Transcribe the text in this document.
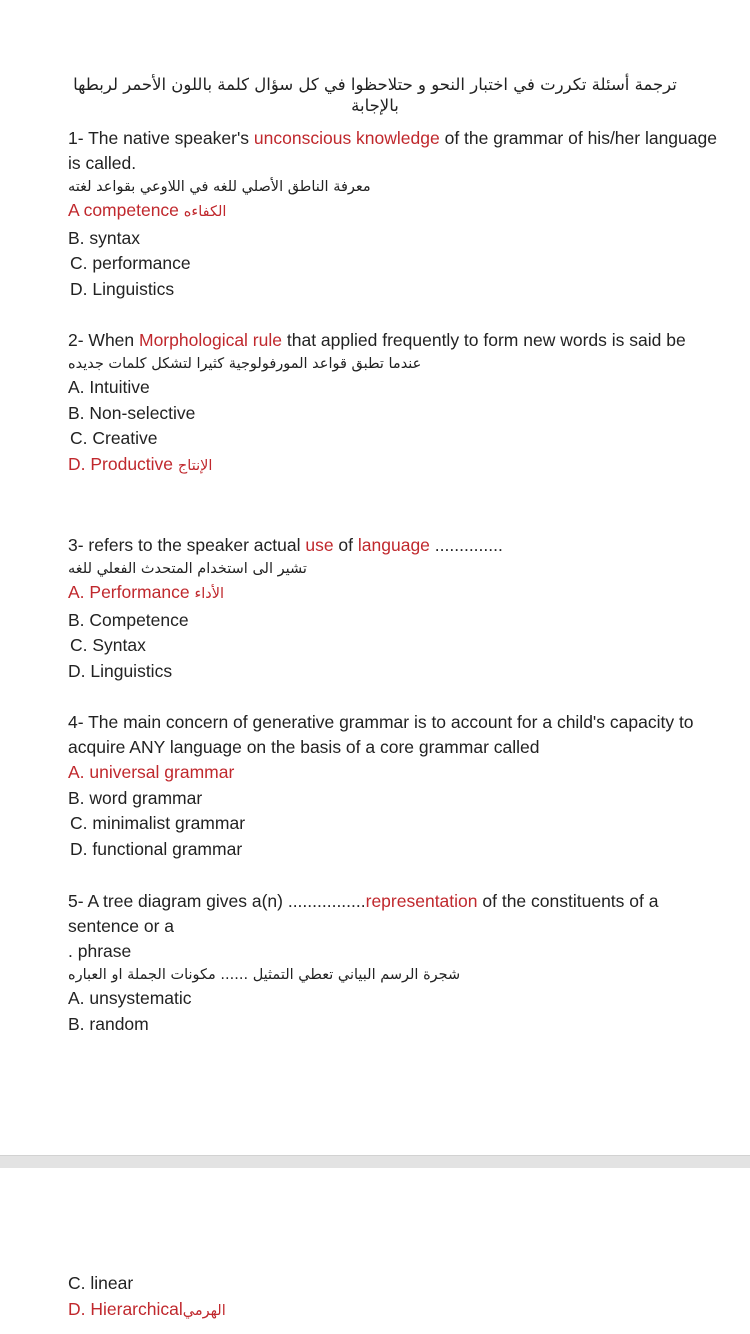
ترجمة أسئلة تكررت في اختبار النحو و حتلاحظوا في كل سؤال كلمة باللون الأحمر لربطها
بالإجابة
1- The native speaker's unconscious knowledge of the grammar of his/her language is called.
معرفة الناطق الأصلي للغه في اللاوعي بقواعد لغته
A competence الكفاءه
B. syntax
C. performance
D. Linguistics
2- When Morphological rule that applied frequently to form new words is said be
عندما تطبق قواعد المورفولوجية كثيرا لتشكل كلمات جديده
A. Intuitive
B. Non-selective
C. Creative
D. Productive الإنتاج
3- refers to the speaker actual use of language ..............
تشير الى استخدام المتحدث الفعلي للغه
A. Performance الأداء
B. Competence
C. Syntax
D. Linguistics
4- The main concern of generative grammar is to account for a child's capacity to acquire ANY language on the basis of a core grammar called
A. universal grammar
B. word grammar
C. minimalist grammar
D. functional grammar
5- A tree diagram gives a(n) ................representation of the constituents of a sentence or a
. phrase
شجرة الرسم البياني تعطي التمثيل ...... مكونات الجملة او العباره
A. unsystematic
B. random
C. linear
D. Hierarchicalالهرمي
